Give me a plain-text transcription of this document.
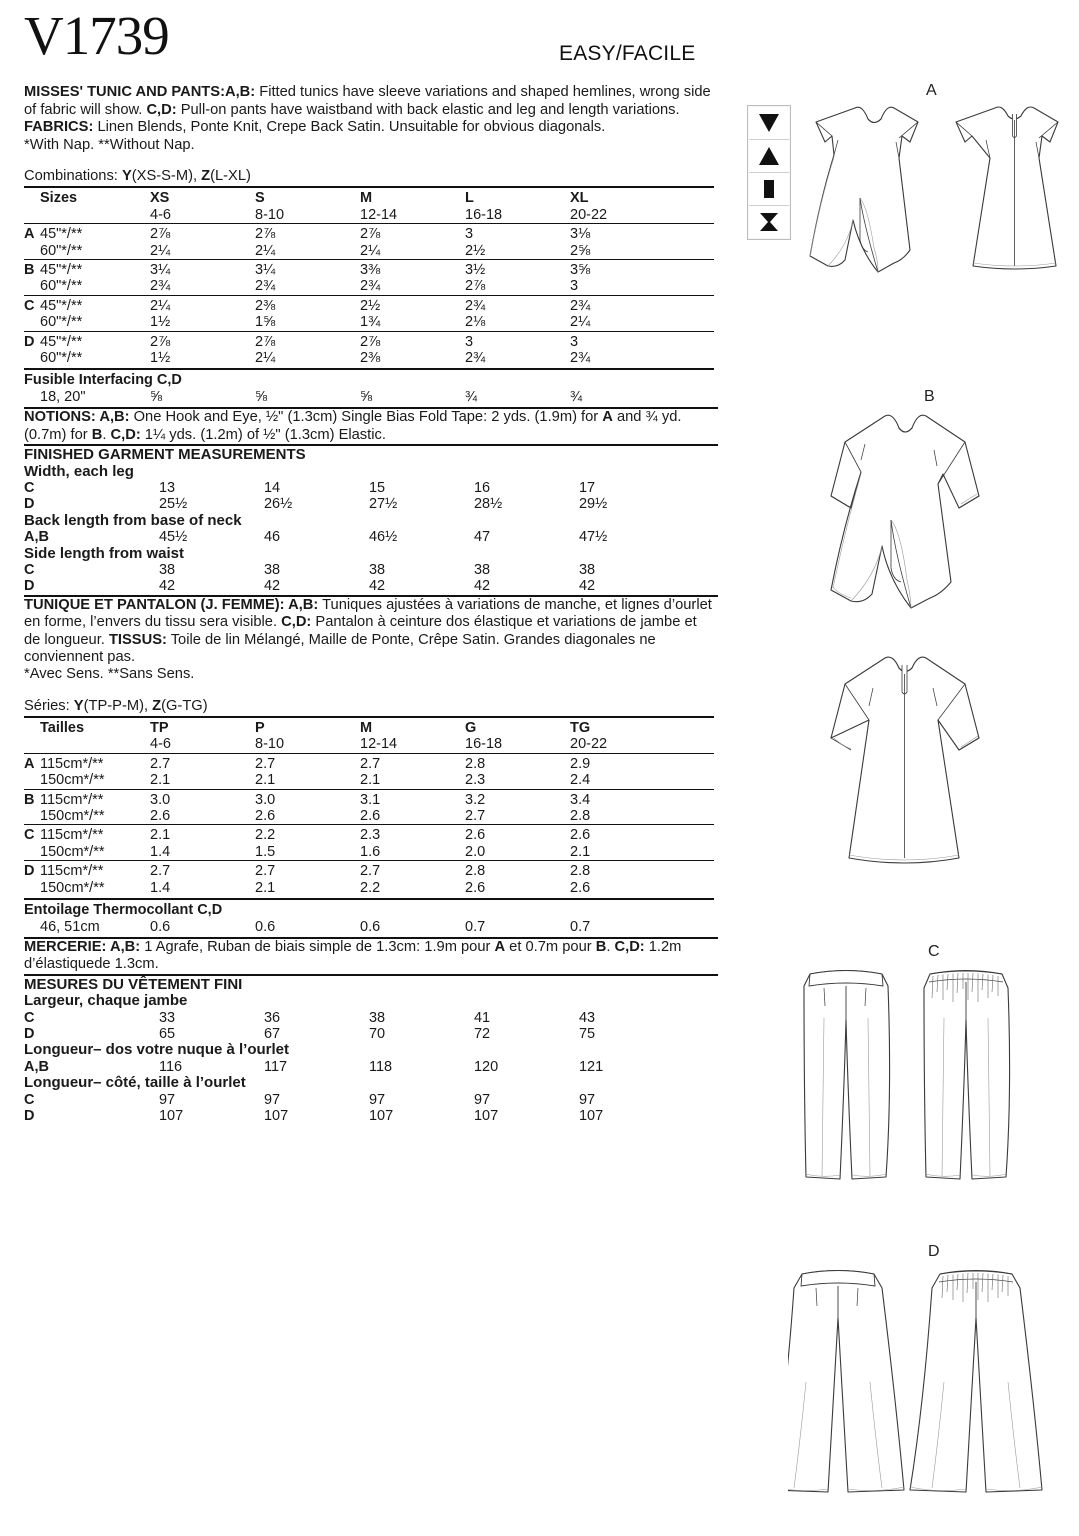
V1739	EASY/FACILE
MISSES' TUNIC AND PANTS:A,B: Fitted tunics have sleeve variations and shaped hemlines, wrong side of fabric will show. C,D: Pull-on pants have waistband with back elastic and leg and length variations. FABRICS: Linen Blends, Ponte Knit, Crepe Back Satin. Unsuitable for obvious diagonals.
*With Nap. **Without Nap.
Combinations: Y(XS-S-M), Z(L-XL)
	Sizes	XS	S	M	L	XL
		4-6	8-10	12-14	16-18	20-22
A	45"*/**	2⅞	2⅞	2⅞	3	3⅛
	60"*/**	2¼	2¼	2¼	2½	2⅝
B	45"*/**	3¼	3¼	3⅜	3½	3⅝
	60"*/**	2¾	2¾	2¾	2⅞	3
C	45"*/**	2¼	2⅜	2½	2¾	2¾
	60"*/**	1½	1⅝	1¾	2⅛	2¼
D	45"*/**	2⅞	2⅞	2⅞	3	3
	60"*/**	1½	2¼	2⅜	2¾	2¾
Fusible Interfacing C,D						
	18, 20"	⅝	⅝	⅝	¾	¾
NOTIONS: A,B: One Hook and Eye, ½" (1.3cm) Single Bias Fold Tape: 2 yds. (1.9m) for A and ¾ yd. (0.7m) for B. C,D: 1¼ yds. (1.2m) of ½" (1.3cm) Elastic.
FINISHED GARMENT MEASUREMENTS
Width, each leg						
C		13	14	15	16	17
D		25½	26½	27½	28½	29½
Back length from base of neck						
A,B		45½	46	46½	47	47½
Side length from waist						
C		38	38	38	38	38
D		42	42	42	42	42
TUNIQUE ET PANTALON (J. FEMME): A,B: Tuniques ajustées à variations de manche, et lignes d’ourlet en forme, l’envers du tissu sera visible. C,D: Pantalon à ceinture dos élastique et variations de jambe et de longueur. TISSUS: Toile de lin Mélangé, Maille de Ponte, Crêpe Satin. Grandes diagonales ne conviennent pas.
*Avec Sens. **Sans Sens.
Séries: Y(TP-P-M), Z(G-TG)
	Tailles	TP	P	M	G	TG
		4-6	8-10	12-14	16-18	20-22
A	115cm*/**	2.7	2.7	2.7	2.8	2.9
	150cm*/**	2.1	2.1	2.1	2.3	2.4
B	115cm*/**	3.0	3.0	3.1	3.2	3.4
	150cm*/**	2.6	2.6	2.6	2.7	2.8
C	115cm*/**	2.1	2.2	2.3	2.6	2.6
	150cm*/**	1.4	1.5	1.6	2.0	2.1
D	115cm*/**	2.7	2.7	2.7	2.8	2.8
	150cm*/**	1.4	2.1	2.2	2.6	2.6
Entoilage Thermocollant C,D						
	46, 51cm	0.6	0.6	0.6	0.7	0.7
MERCERIE: A,B: 1 Agrafe, Ruban de biais simple de 1.3cm: 1.9m pour A et 0.7m pour B. C,D: 1.2m d’élastiquede 1.3cm.
MESURES DU VÊTEMENT FINI
Largeur, chaque jambe						
C		33	36	38	41	43
D		65	67	70	72	75
Longueur– dos votre nuque à l’ourlet						
A,B		116	117	118	120	121
Longueur– côté, taille à l’ourlet						
C		97	97	97	97	97
D		107	107	107	107	107
A
B
C
D
